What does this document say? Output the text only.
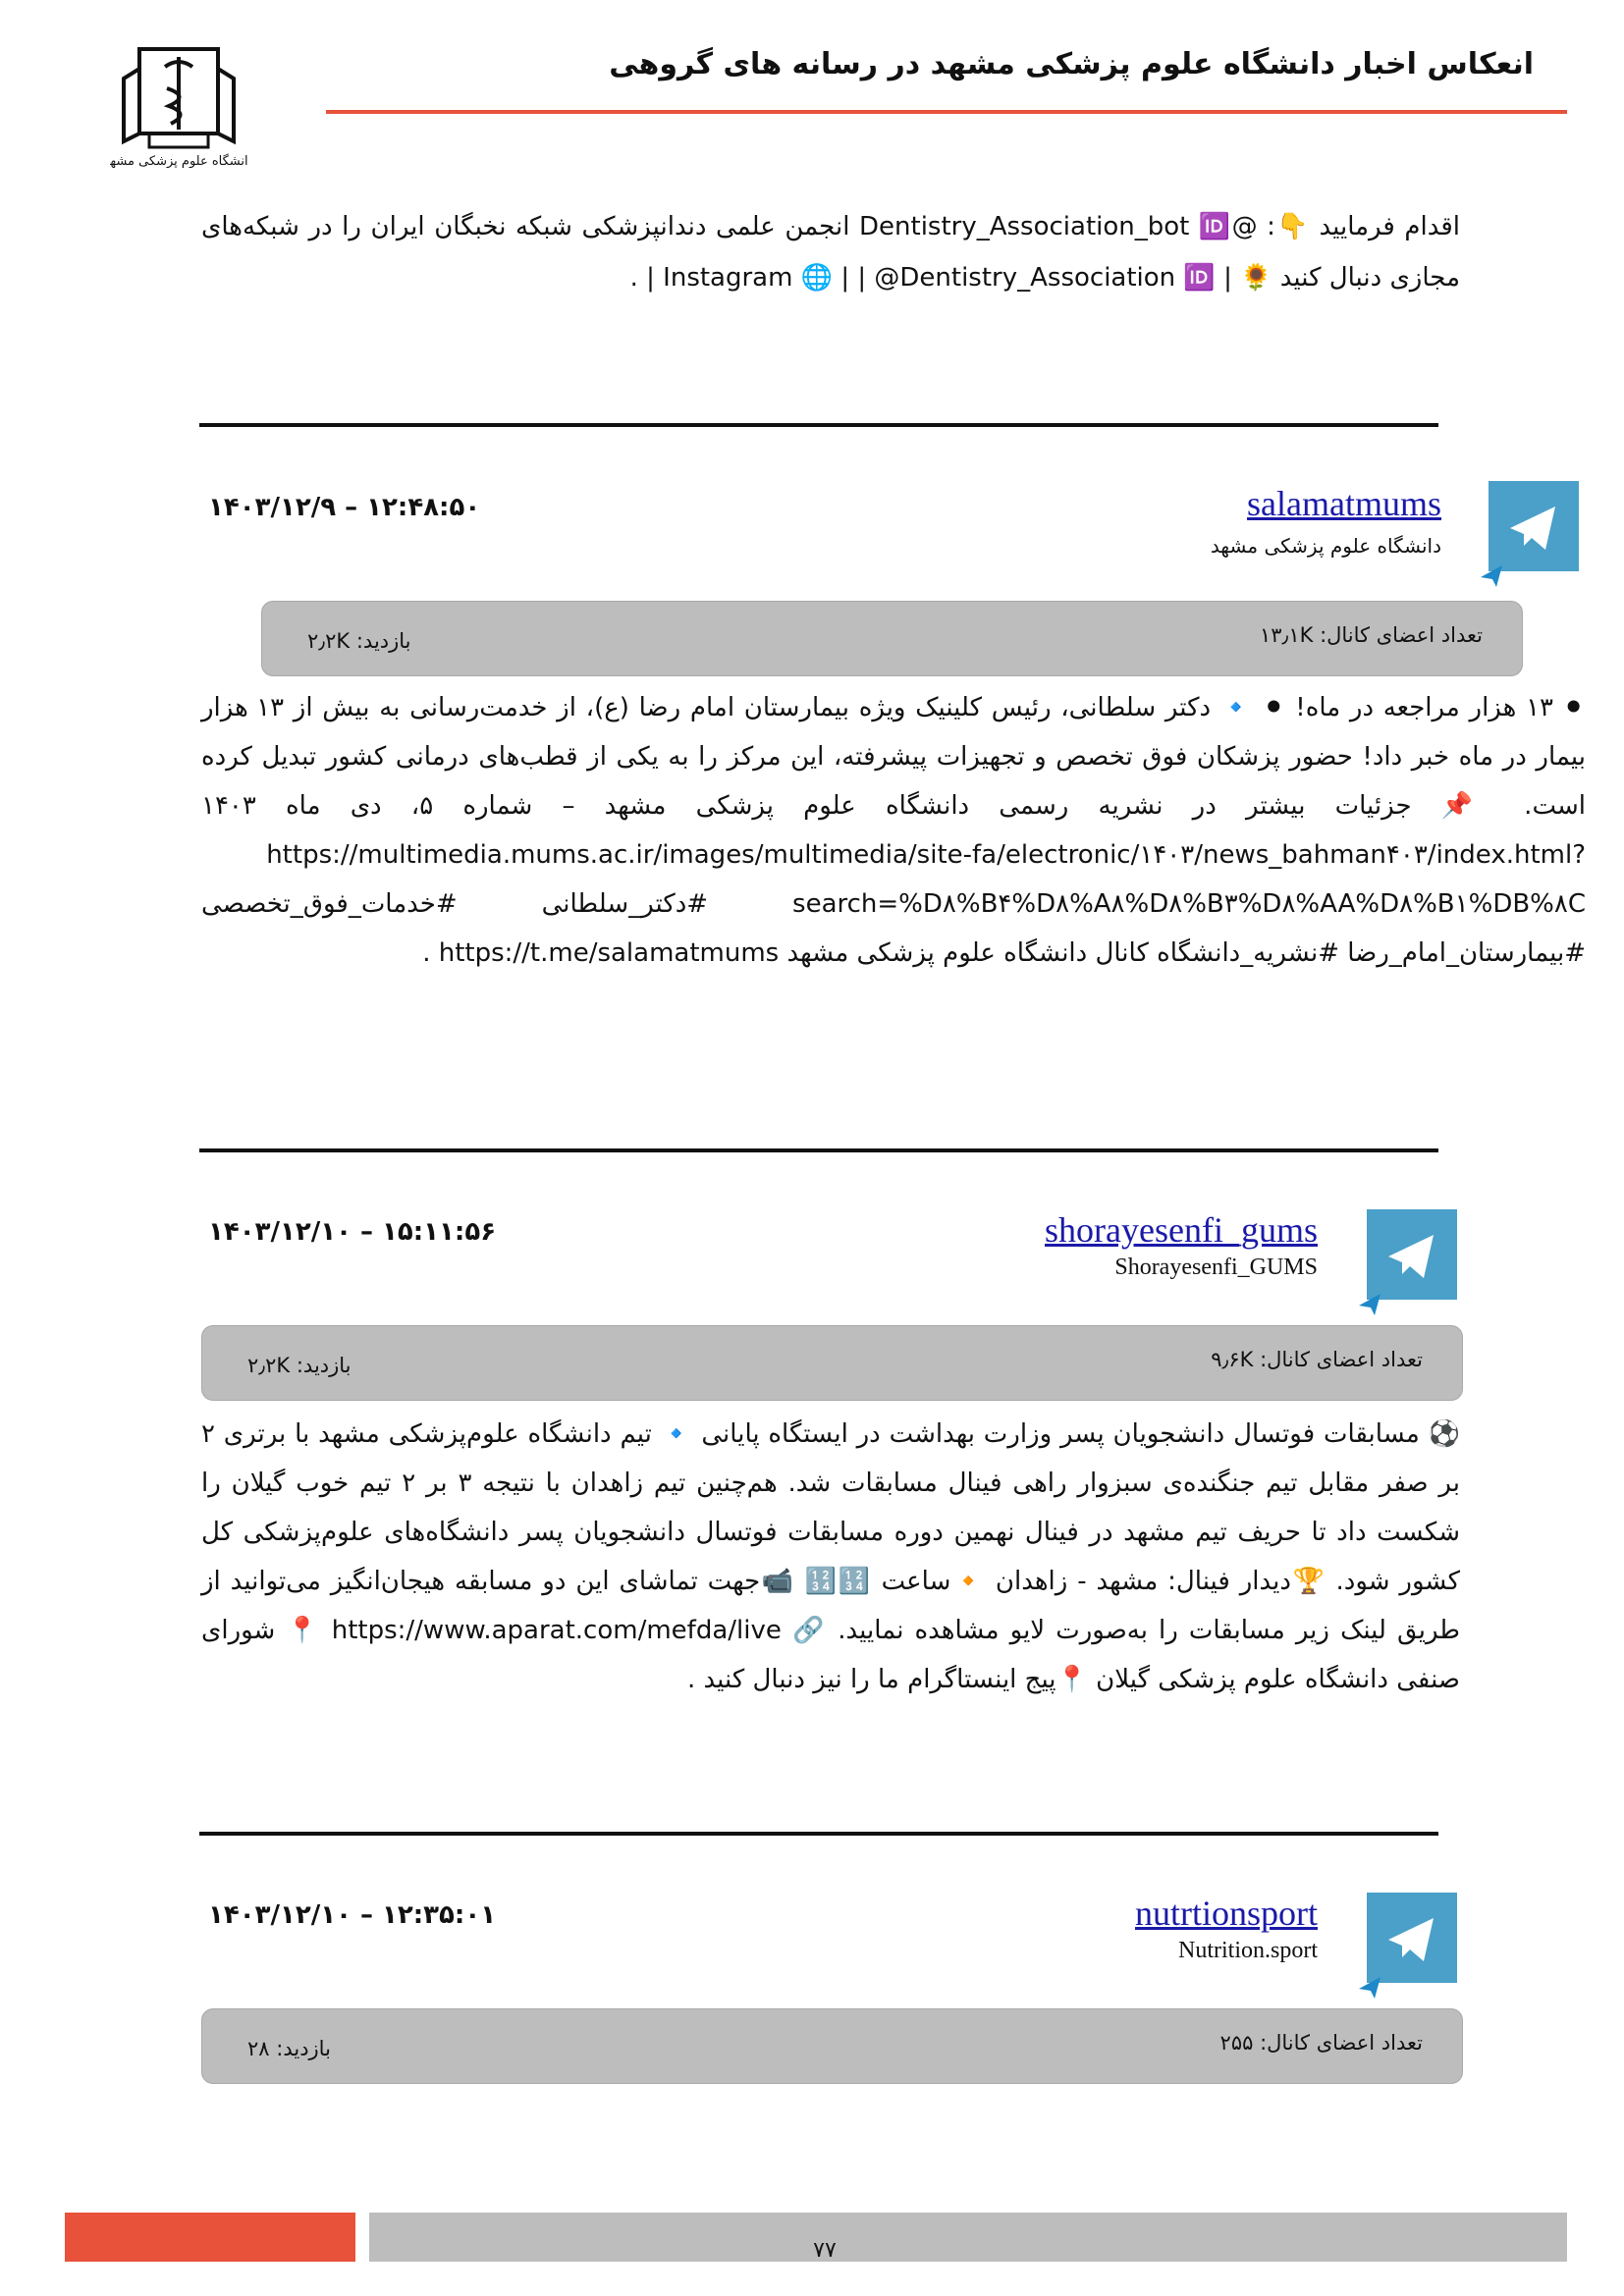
دانشگاه علوم پزشکی مشهد
انعکاس اخبار دانشگاه علوم پزشکی مشهد در رسانه های گروهی
اقدام فرمایید 👇: @Dentistry_Association_bot 🆔 انجمن علمی دندانپزشکی شبکه نخبگان ایران را در شبکه‌های مجازی دنبال کنید 🌻 | Instagram 🌐 | | @Dentistry_Association 🆔 | .
salamatmums
دانشگاه علوم پزشکی مشهد
۱۴۰۳/۱۲/۹ – ۱۲:۴۸:۵۰
تعداد اعضای کانال: ۱۳٫۱K
بازدید: ۲٫۲K
⚫ ۱۳ هزار مراجعه در ماه! ⚫ 🔹 دکتر سلطانی، رئیس کلینیک ویژه بیمارستان امام رضا (ع)، از خدمت‌رسانی به بیش از ۱۳ هزار بیمار در ماه خبر داد! حضور پزشکان فوق تخصص و تجهیزات پیشرفته، این مرکز را به یکی از قطب‌های درمانی کشور تبدیل کرده است. 📌 جزئیات بیشتر در نشریه رسمی دانشگاه علوم پزشکی مشهد – شماره ۵، دی ماه ۱۴۰۳ https://multimedia.mums.ac.ir/images/multimedia/site-fa/electronic/۱۴۰۳/news_bahman۴۰۳/index.html?search=%D۸%B۴%D۸%A۸%D۸%B۳%D۸%AA%D۸%B۱%DB%۸C #دکتر_سلطانی #خدمات_فوق_تخصصی #بیمارستان_امام_رضا #نشریه_دانشگاه کانال دانشگاه علوم پزشکی مشهد https://t.me/salamatmums .
shorayesenfi_gums
Shorayesenfi_GUMS
۱۴۰۳/۱۲/۱۰ – ۱۵:۱۱:۵۶
تعداد اعضای کانال: ۹٫۶K
بازدید: ۲٫۲K
⚽ مسابقات فوتسال دانشجویان پسر وزارت بهداشت در ایستگاه پایانی 🔹 تیم دانشگاه علوم‌پزشکی مشهد با برتری ۲ بر صفر مقابل تیم جنگنده‌ی سبزوار راهی فینال مسابقات شد. هم‌چنین تیم زاهدان با نتیجه ۳ بر ۲ تیم خوب گیلان را شکست داد تا حریف تیم مشهد در فینال نهمین دوره مسابقات فوتسال دانشجویان پسر دانشگاه‌های علوم‌پزشکی کل کشور شود. 🏆دیدار فینال: مشهد - زاهدان 🔸ساعت 🔢🔢 📹جهت تماشای این دو مسابقه هیجان‌انگیز می‌توانید از طریق لینک زیر مسابقات را به‌صورت لایو مشاهده نمایید. 🔗 https://www.aparat.com/mefda/live 📍 شورای صنفی دانشگاه علوم پزشکی گیلان 📍پیج اینستاگرام ما را نیز دنبال کنید .
nutrtionsport
Nutrition.sport
۱۴۰۳/۱۲/۱۰ – ۱۲:۳۵:۰۱
تعداد اعضای کانال: ۲۵۵
بازدید: ۲۸
۷۷
